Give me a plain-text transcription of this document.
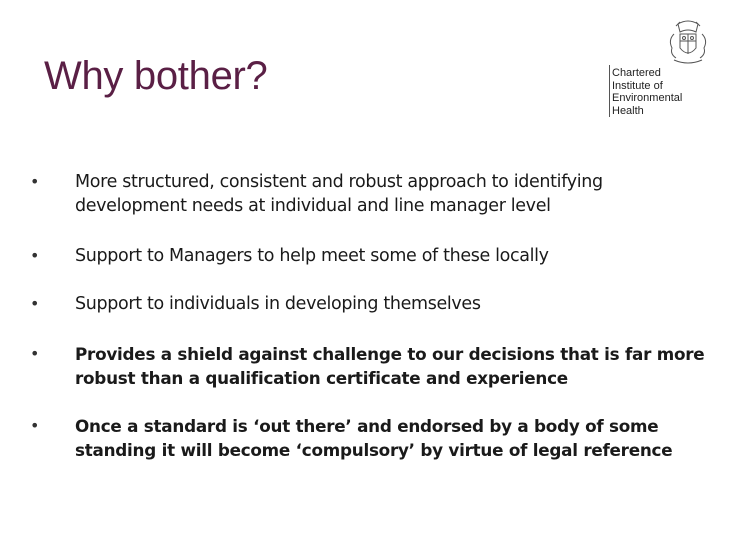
Why bother?	Chartered
Institute of
Environmental
Health
• More structured, consistent and robust approach to identifying development needs at individual and line manager level
• Support to Managers to help meet some of these locally
• Support to individuals in developing themselves
• Provides a shield against challenge to our decisions that is far more robust than a qualification certificate and experience
• Once a standard is ‘out there’ and endorsed by a body of some standing it will become ‘compulsory’ by virtue of legal reference
